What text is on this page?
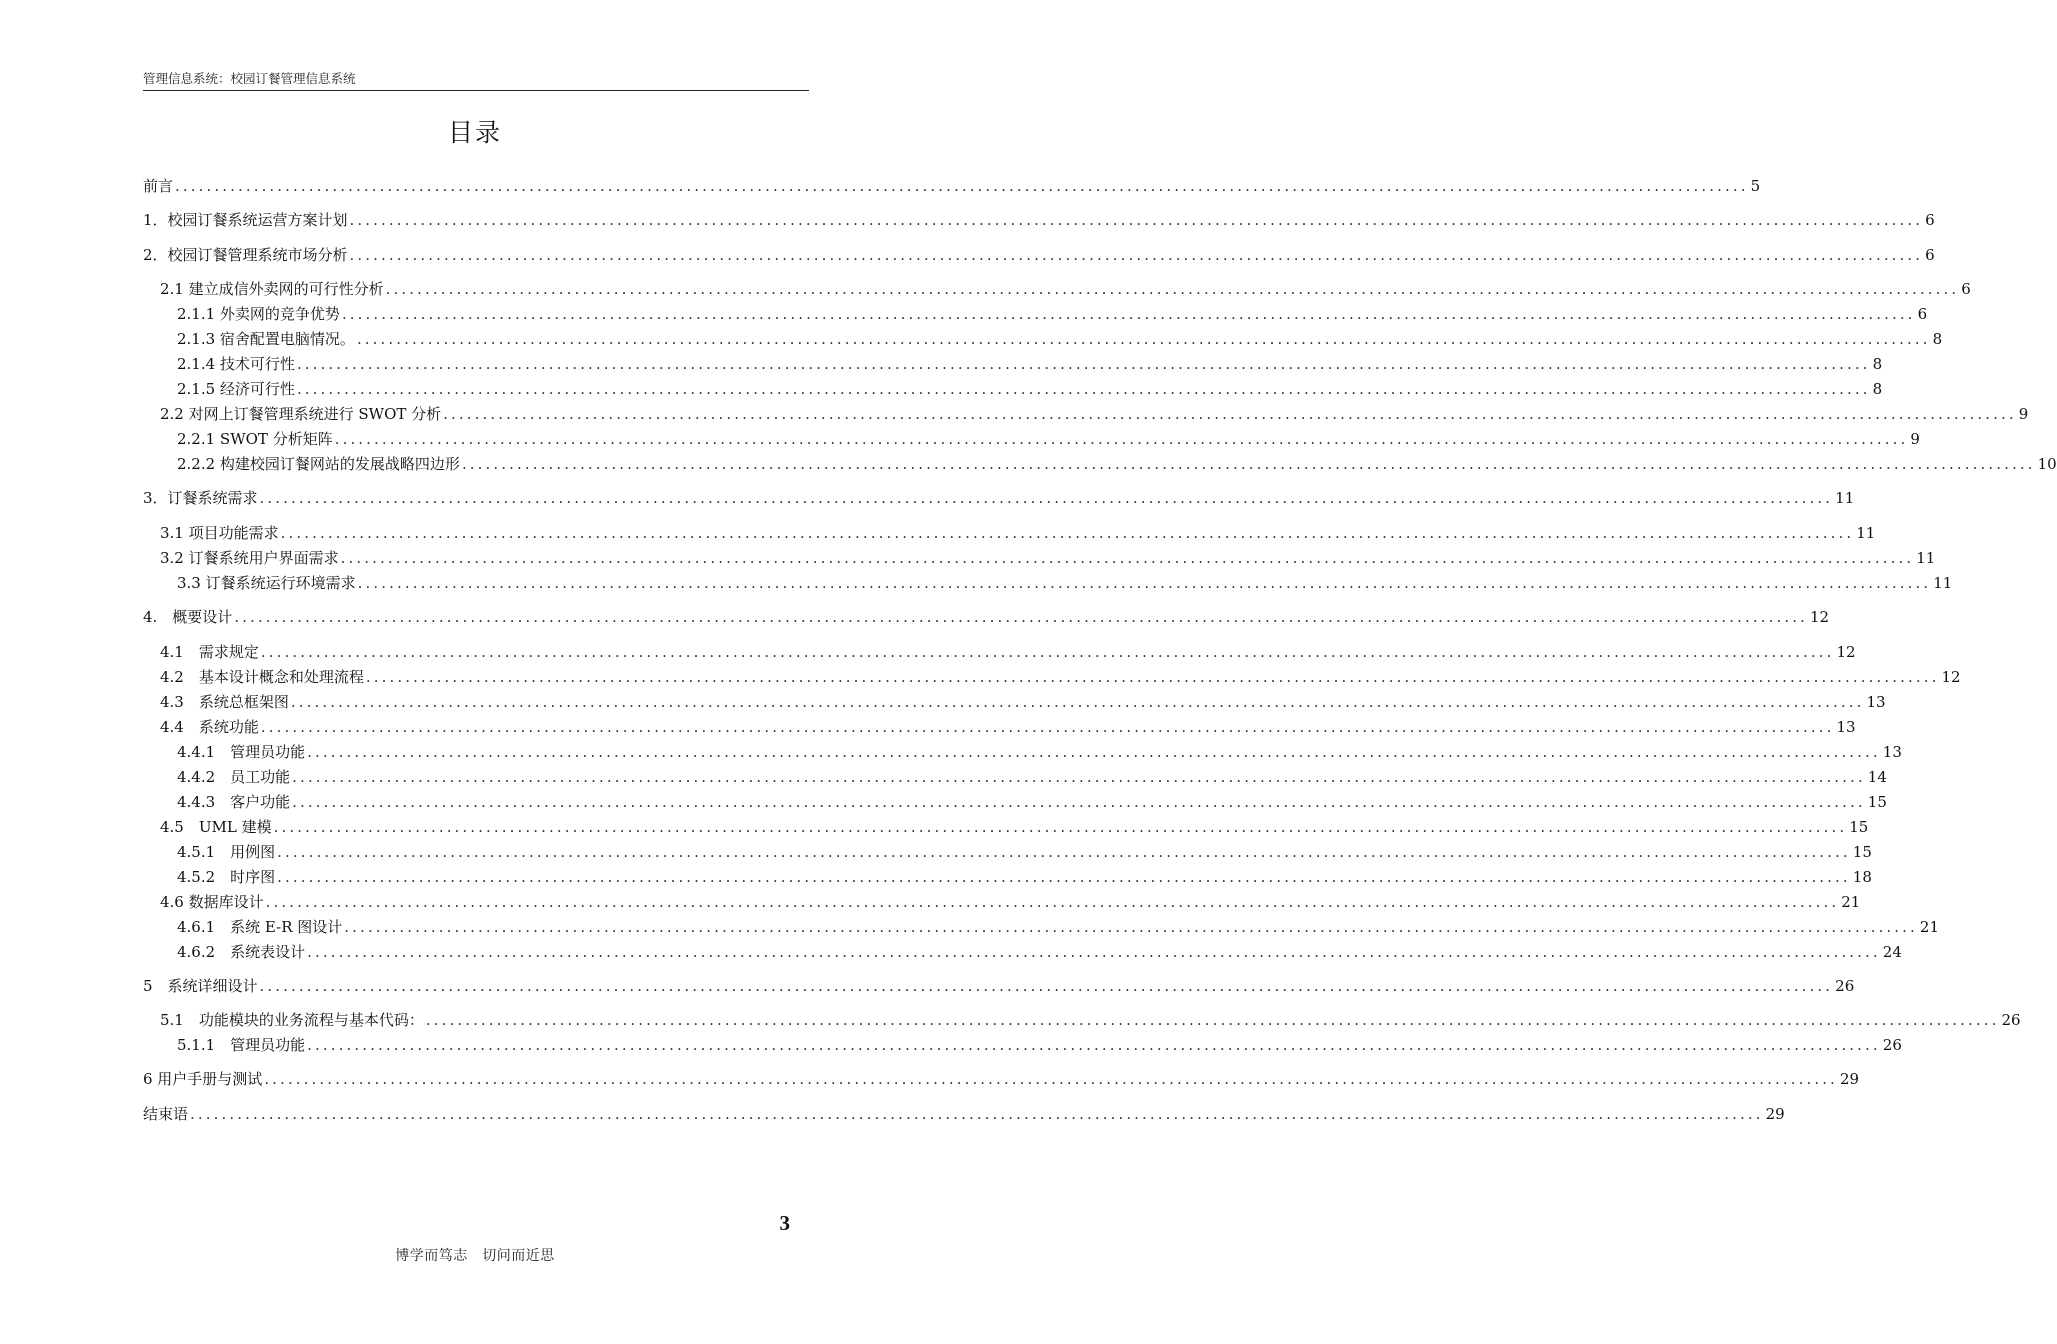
管理信息系统：校园订餐管理信息系统
目录
前言 ........................................................................................................................................................................................................ 5
1．校园订餐系统运营方案计划 ........................................................................................................................................................................................................ 6
2．校园订餐管理系统市场分析 ........................................................................................................................................................................................................ 6
2.1 建立成信外卖网的可行性分析 ........................................................................................................................................................................................................ 6
2.1.1 外卖网的竞争优势 ........................................................................................................................................................................................................ 6
2.1.3 宿舍配置电脑情况。 ........................................................................................................................................................................................................ 8
2.1.4 技术可行性 ........................................................................................................................................................................................................ 8
2.1.5 经济可行性 ........................................................................................................................................................................................................ 8
2.2 对网上订餐管理系统进行 SWOT 分析 ........................................................................................................................................................................................................ 9
2.2.1 SWOT 分析矩阵 ........................................................................................................................................................................................................ 9
2.2.2 构建校园订餐网站的发展战略四边形 ........................................................................................................................................................................................................ 10
3．订餐系统需求 ........................................................................................................................................................................................................ 11
3.1 项目功能需求 ........................................................................................................................................................................................................ 11
3.2 订餐系统用户界面需求 ........................................................................................................................................................................................................ 11
3.3 订餐系统运行环境需求 ........................................................................................................................................................................................................ 11
4.　概要设计 ........................................................................................................................................................................................................ 12
4.1　需求规定 ........................................................................................................................................................................................................ 12
4.2　基本设计概念和处理流程 ........................................................................................................................................................................................................ 12
4.3　系统总框架图 ........................................................................................................................................................................................................ 13
4.4　系统功能 ........................................................................................................................................................................................................ 13
4.4.1　管理员功能 ........................................................................................................................................................................................................ 13
4.4.2　员工功能 ........................................................................................................................................................................................................ 14
4.4.3　客户功能 ........................................................................................................................................................................................................ 15
4.5　UML 建模 ........................................................................................................................................................................................................ 15
4.5.1　用例图 ........................................................................................................................................................................................................ 15
4.5.2　时序图 ........................................................................................................................................................................................................ 18
4.6 数据库设计 ........................................................................................................................................................................................................ 21
4.6.1　系统 E-R 图设计 ........................................................................................................................................................................................................ 21
4.6.2　系统表设计 ........................................................................................................................................................................................................ 24
5　系统详细设计 ........................................................................................................................................................................................................ 26
5.1　功能模块的业务流程与基本代码： ........................................................................................................................................................................................................ 26
5.1.1　管理员功能 ........................................................................................................................................................................................................ 26
6 用户手册与测试 ........................................................................................................................................................................................................ 29
结束语 ........................................................................................................................................................................................................ 29
3
博学而笃志　切问而近思
